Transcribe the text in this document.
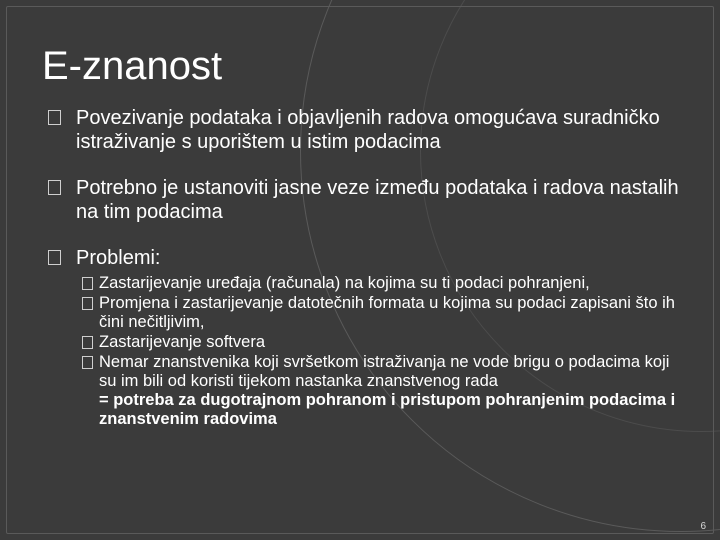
E-znanost
Povezivanje podataka i objavljenih radova omogućava suradničko istraživanje s uporištem u istim podacima
Potrebno je ustanoviti jasne veze između podataka i radova nastalih na tim podacima
Problemi:
Zastarijevanje uređaja (računala) na kojima su ti podaci pohranjeni,
Promjena i zastarijevanje datotečnih formata u kojima su podaci zapisani što ih čini nečitljivim,
Zastarijevanje softvera
Nemar znanstvenika koji svršetkom istraživanja ne vode brigu o podacima koji su im bili od koristi tijekom nastanka znanstvenog rada
= potreba za dugotrajnom pohranom i pristupom pohranjenim podacima i znanstvenim radovima
6
